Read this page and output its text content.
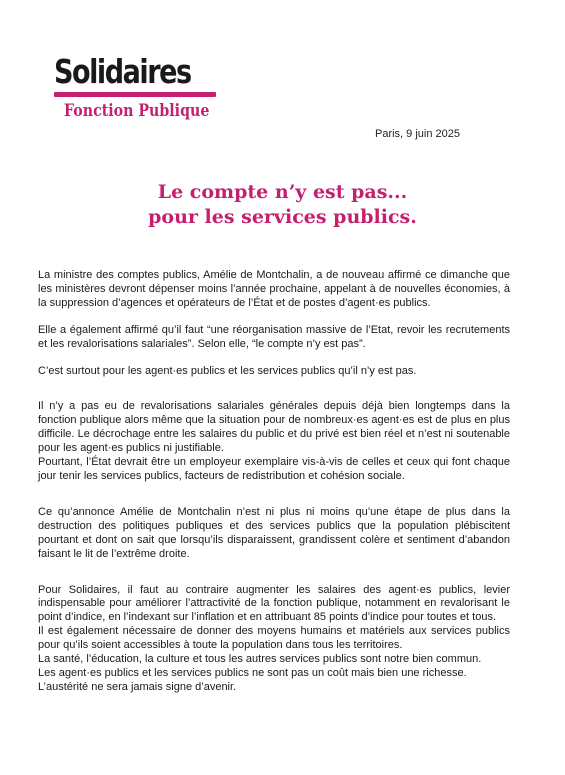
Solidaires
Fonction Publique
Paris, 9 juin 2025
Le compte n’y est pas...
pour les services publics.

La ministre des comptes publics, Amélie de Montchalin, a de nouveau affirmé ce dimanche que les ministères devront dépenser moins l’année prochaine, appelant à de nouvelles économies, à la suppression d’agences et opérateurs de l’État et de postes d’agent·es publics.

Elle a également affirmé qu’il faut “une réorganisation massive de l’Etat, revoir les recrutements et les revalorisations salariales”. Selon elle, “le compte n’y est pas”.

C’est surtout pour les agent·es publics et les services publics qu’il n’y est pas.

Il n’y a pas eu de revalorisations salariales générales depuis déjà bien longtemps dans la fonction publique alors même que la situation pour de nombreux·es agent·es est de plus en plus difficile. Le décrochage entre les salaires du public et du privé est bien réel et n’est ni soutenable pour les agent·es publics ni justifiable.

Pourtant, l’État devrait être un employeur exemplaire vis-à-vis de celles et ceux qui font chaque jour tenir les services publics, facteurs de redistribution et cohésion sociale.

Ce qu’annonce Amélie de Montchalin n’est ni plus ni moins qu’une étape de plus dans la destruction des politiques publiques et des services publics que la population plébiscitent pourtant et dont on sait que lorsqu’ils disparaissent, grandissent colère et sentiment d’abandon faisant le lit de l’extrême droite.

Pour Solidaires, il faut au contraire augmenter les salaires des agent·es publics, levier indispensable pour améliorer l’attractivité de la fonction publique, notamment en revalorisant le point d’indice, en l’indexant sur l’inflation et en attribuant 85 points d’indice pour toutes et tous.

Il est également nécessaire de donner des moyens humains et matériels aux services publics pour qu’ils soient accessibles à toute la population dans tous les territoires.

La santé, l’éducation, la culture et tous les autres services publics sont notre bien commun.

Les agent·es publics et les services publics ne sont pas un coût mais bien une richesse.

L’austérité ne sera jamais signe d’avenir.
